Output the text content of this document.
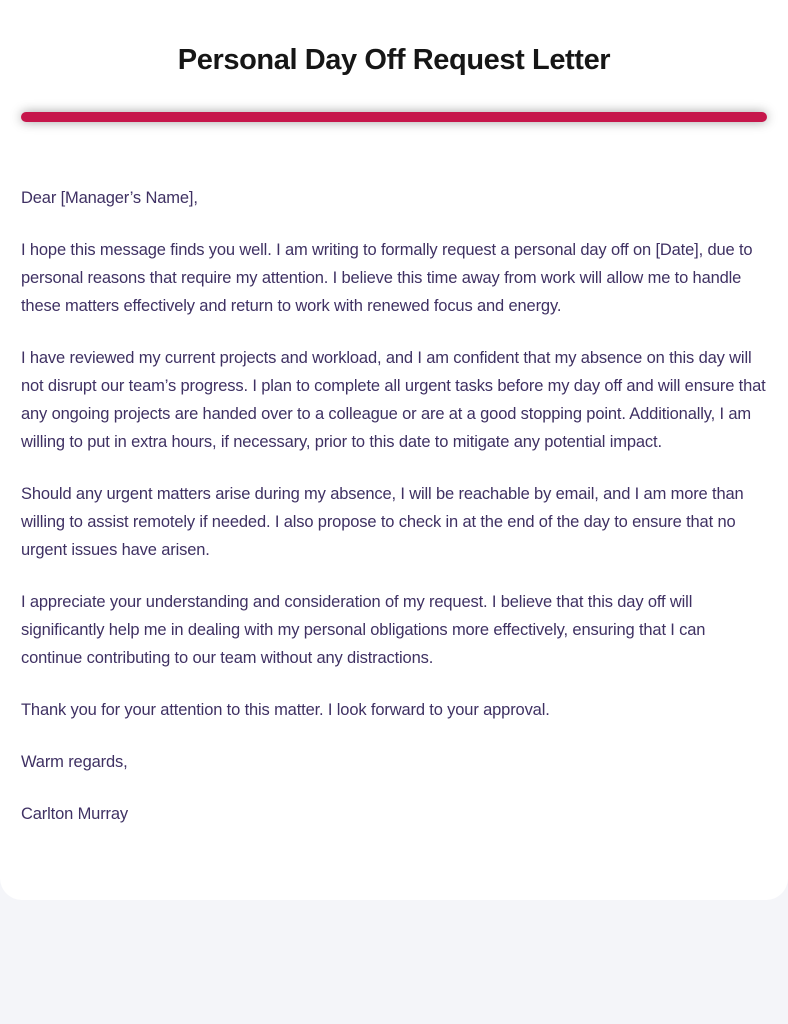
Personal Day Off Request Letter

Dear [Manager’s Name],

I hope this message finds you well. I am writing to formally request a personal day off on [Date], due to personal reasons that require my attention. I believe this time away from work will allow me to handle these matters effectively and return to work with renewed focus and energy.

I have reviewed my current projects and workload, and I am confident that my absence on this day will not disrupt our team’s progress. I plan to complete all urgent tasks before my day off and will ensure that any ongoing projects are handed over to a colleague or are at a good stopping point. Additionally, I am willing to put in extra hours, if necessary, prior to this date to mitigate any potential impact.

Should any urgent matters arise during my absence, I will be reachable by email, and I am more than willing to assist remotely if needed. I also propose to check in at the end of the day to ensure that no urgent issues have arisen.

I appreciate your understanding and consideration of my request. I believe that this day off will significantly help me in dealing with my personal obligations more effectively, ensuring that I can continue contributing to our team without any distractions.

Thank you for your attention to this matter. I look forward to your approval.

Warm regards,

Carlton Murray
